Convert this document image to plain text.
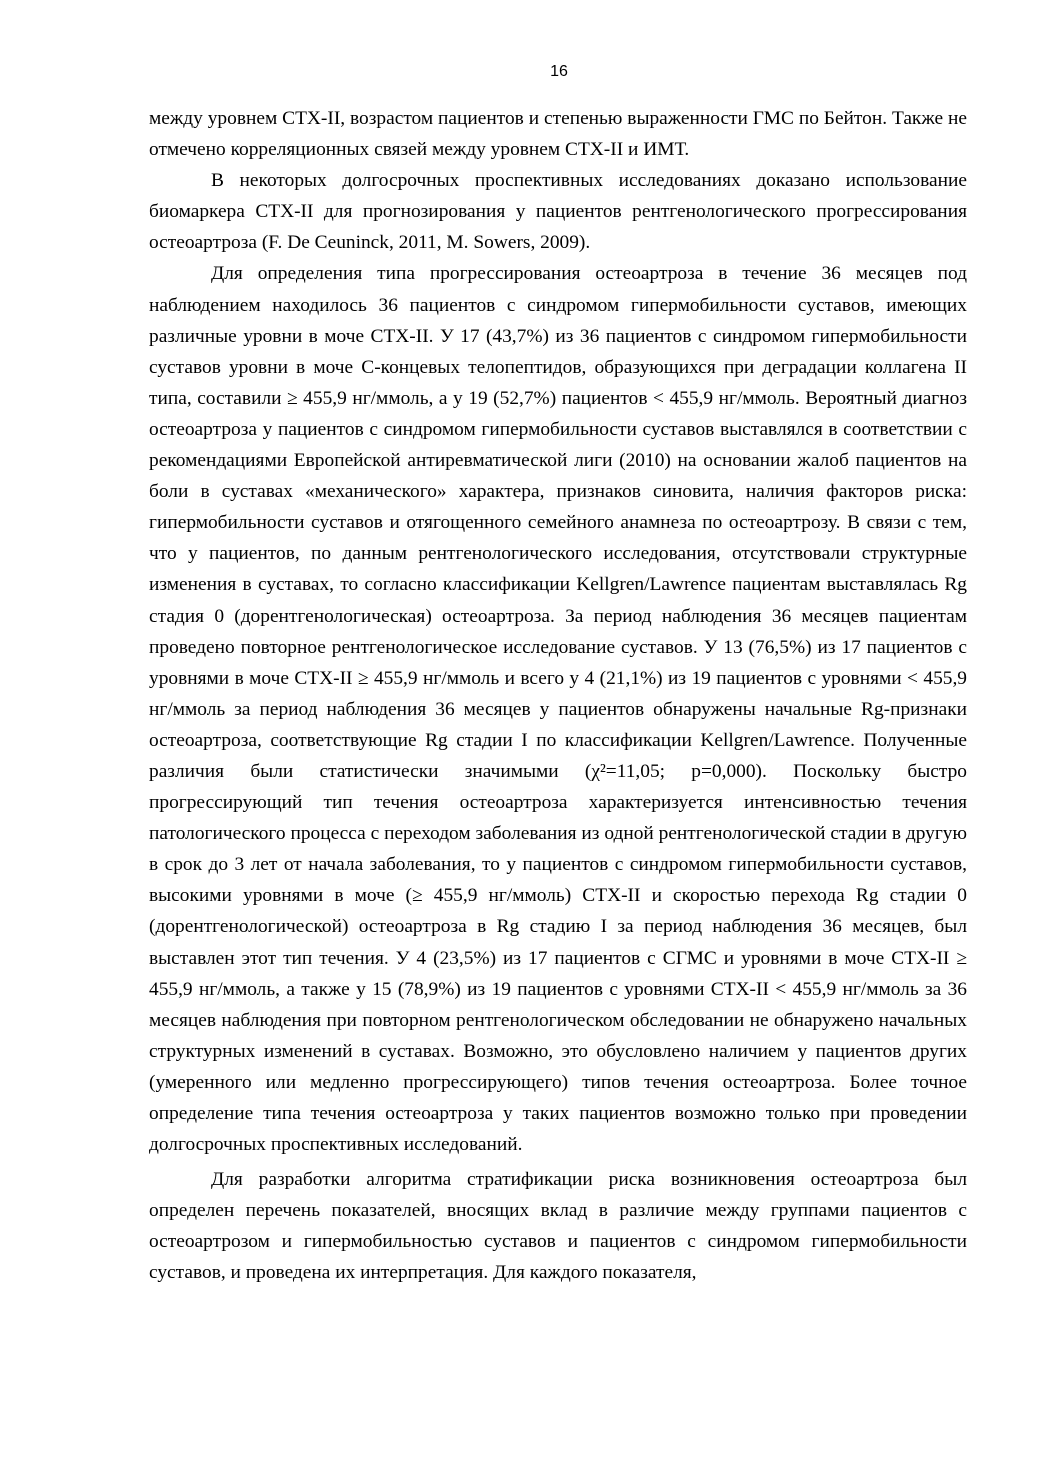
16

между уровнем CTX-II, возрастом пациентов и степенью выраженности ГМС по Бейтон. Также не отмечено корреляционных связей между уровнем CTX-II и ИМТ.

В некоторых долгосрочных проспективных исследованиях доказано использование биомаркера CTX-II для прогнозирования у пациентов рентгенологического прогрессирования остеоартроза (F. De Ceuninck, 2011, M. Sowers, 2009).

Для определения типа прогрессирования остеоартроза в течение 36 месяцев под наблюдением находилось 36 пациентов с синдромом гипермобильности суставов, имеющих различные уровни в моче CTX-II. У 17 (43,7%) из 36 пациентов с синдромом гипермобильности суставов уровни в моче С-концевых телопептидов, образующихся при деградации коллагена II типа, составили ≥ 455,9 нг/ммоль, а у 19 (52,7%) пациентов < 455,9 нг/ммоль. Вероятный диагноз остеоартроза у пациентов с синдромом гипермобильности суставов выставлялся в соответствии с рекомендациями Европейской антиревматической лиги (2010) на основании жалоб пациентов на боли в суставах «механического» характера, признаков синовита, наличия факторов риска: гипермобильности суставов и отягощенного семейного анамнеза по остеоартрозу. В связи с тем, что у пациентов, по данным рентгенологического исследования, отсутствовали структурные изменения в суставах, то согласно классификации Kellgren/Lawrence пациентам выставлялась Rg стадия 0 (дорентгенологическая) остеоартроза. За период наблюдения 36 месяцев пациентам проведено повторное рентгенологическое исследование суставов. У 13 (76,5%) из 17 пациентов с уровнями в моче CTX-II ≥ 455,9 нг/ммоль и всего у 4 (21,1%) из 19 пациентов с уровнями < 455,9 нг/ммоль за период наблюдения 36 месяцев у пациентов обнаружены начальные Rg-признаки остеоартроза, соответствующие Rg стадии I по классификации Kellgren/Lawrence. Полученные различия были статистически значимыми (χ²=11,05; p=0,000). Поскольку быстро прогрессирующий тип течения остеоартроза характеризуется интенсивностью течения патологического процесса с переходом заболевания из одной рентгенологической стадии в другую в срок до 3 лет от начала заболевания, то у пациентов с синдромом гипермобильности суставов, высокими уровнями в моче (≥ 455,9 нг/ммоль) CTX-II и скоростью перехода Rg стадии 0 (дорентгенологической) остеоартроза в Rg стадию I за период наблюдения 36 месяцев, был выставлен этот тип течения. У 4 (23,5%) из 17 пациентов с СГМС и уровнями в моче CTX-II ≥ 455,9 нг/ммоль, а также у 15 (78,9%) из 19 пациентов с уровнями CTX-II < 455,9 нг/ммоль за 36 месяцев наблюдения при повторном рентгенологическом обследовании не обнаружено начальных структурных изменений в суставах. Возможно, это обусловлено наличием у пациентов других (умеренного или медленно прогрессирующего) типов течения остеоартроза. Более точное определение типа течения остеоартроза у таких пациентов возможно только при проведении долгосрочных проспективных исследований.

Для разработки алгоритма стратификации риска возникновения остеоартроза был определен перечень показателей, вносящих вклад в различие между группами пациентов с остеоартрозом и гипермобильностью суставов и пациентов с синдромом гипермобильности суставов, и проведена их интерпретация. Для каждого показателя,
